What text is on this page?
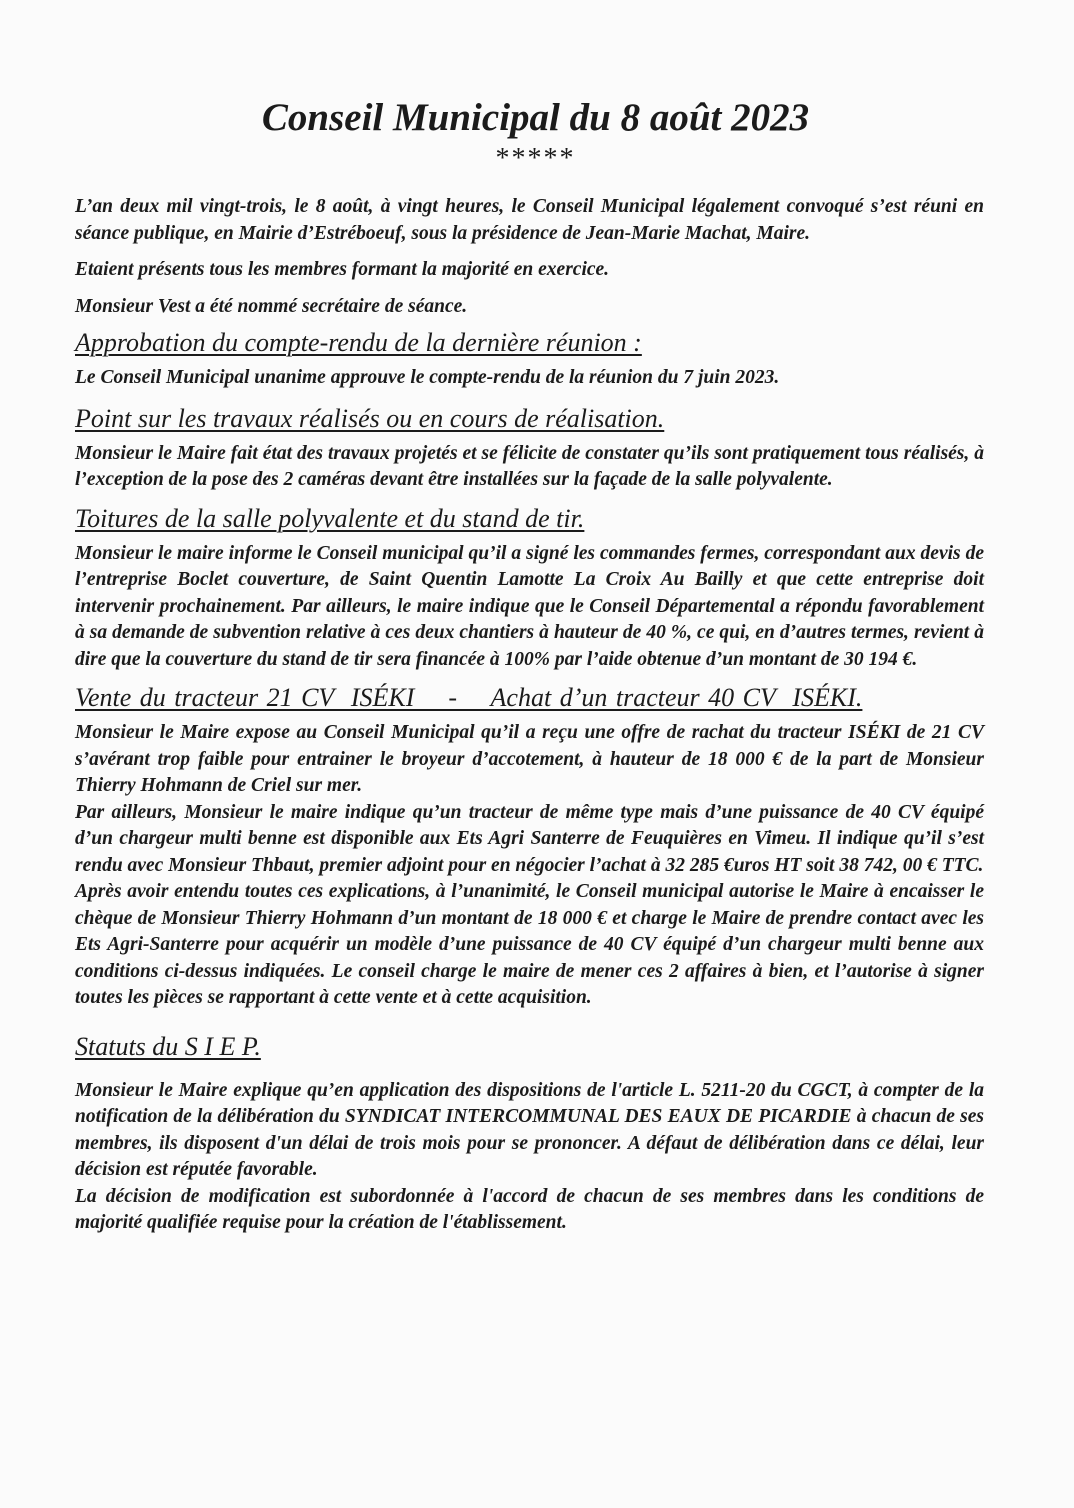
Conseil Municipal du 8 août 2023
*****

L’an deux mil vingt-trois, le 8 août, à vingt heures, le Conseil Municipal légalement convoqué s’est réuni en séance publique, en Mairie d’Estréboeuf, sous la présidence de Jean-Marie Machat, Maire.

Etaient présents tous les membres formant la majorité en exercice.

Monsieur Vest a été nommé secrétaire de séance.

Approbation du compte-rendu de la dernière réunion :

Le Conseil Municipal unanime approuve le compte-rendu de la réunion du 7 juin 2023.

Point sur les travaux réalisés ou en cours de réalisation.

Monsieur le Maire fait état des travaux projetés et se félicite de constater qu’ils sont pratiquement tous réalisés, à l’exception de la pose des 2 caméras devant être installées sur la façade de la salle polyvalente.

Toitures de la salle polyvalente et du stand de tir.

Monsieur le maire informe le Conseil municipal qu’il a signé les commandes fermes, correspondant aux devis de l’entreprise Boclet couverture, de Saint Quentin Lamotte La Croix Au Bailly et que cette entreprise doit intervenir prochainement. Par ailleurs, le maire indique que le Conseil Départemental a répondu favorablement à sa demande de subvention relative à ces deux chantiers à hauteur de 40 %, ce qui, en d’autres termes, revient à dire que la couverture du stand de tir sera financée à 100% par l’aide obtenue d’un montant de 30 194 €.

Vente du tracteur 21 CV  ISÉKI    -    Achat d’un tracteur 40 CV  ISÉKI.

Monsieur le Maire expose au Conseil Municipal qu’il a reçu une offre de rachat du tracteur ISÉKI de 21 CV s’avérant trop faible pour entrainer le broyeur d’accotement, à hauteur de 18 000 € de la part de Monsieur Thierry Hohmann de Criel sur mer.

Par ailleurs, Monsieur le maire indique qu’un tracteur de même type mais d’une puissance de 40 CV équipé d’un chargeur multi benne est disponible aux Ets Agri Santerre de Feuquières en Vimeu. Il indique qu’il s’est rendu avec Monsieur Thbaut, premier adjoint pour en négocier l’achat à 32 285 €uros HT soit 38 742, 00 € TTC.

Après avoir entendu toutes ces explications, à l’unanimité, le Conseil municipal autorise le Maire à encaisser le chèque de Monsieur Thierry Hohmann d’un montant de 18 000 € et charge le Maire de prendre contact avec les Ets Agri-Santerre pour acquérir un modèle d’une puissance de 40 CV équipé d’un chargeur multi benne aux conditions ci-dessus indiquées. Le conseil charge le maire de mener ces 2 affaires à bien, et l’autorise à signer toutes les pièces se rapportant à cette vente et à cette acquisition.

Statuts du S I E P.

Monsieur le Maire explique qu’en application des dispositions de l'article L. 5211-20 du CGCT, à compter de la notification de la délibération du SYNDICAT INTERCOMMUNAL DES EAUX DE PICARDIE à chacun de ses membres, ils disposent d'un délai de trois mois pour se prononcer. A défaut de délibération dans ce délai, leur décision est réputée favorable.

La décision de modification est subordonnée à l'accord de chacun de ses membres dans les conditions de majorité qualifiée requise pour la création de l'établissement.
